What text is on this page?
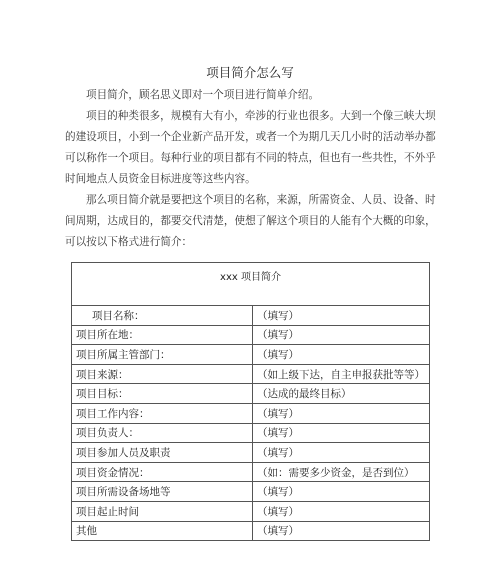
项目简介怎么写

项目简介，顾名思义即对一个项目进行简单介绍。

项目的种类很多，规模有大有小，牵涉的行业也很多。大到一个像三峡大坝
的建设项目，小到一个企业新产品开发，或者一个为期几天几小时的活动举办都
可以称作一个项目。每种行业的项目都有不同的特点，但也有一些共性，不外乎
时间地点人员资金目标进度等这些内容。

那么项目简介就是要把这个项目的名称，来源，所需资金、人员、设备、时
间周期，达成目的，都要交代清楚，使想了解这个项目的人能有个大概的印象，
可以按以下格式进行简介：

xxx 项目简介	
项目名称：	（填写）
项目所在地：	（填写）
项目所属主管部门：	（填写）
项目来源：	（如上级下达，自主申报获批等等）
项目目标：	（达成的最终目标）
项目工作内容：	（填写）
项目负责人：	（填写）
项目参加人员及职责	（填写）
项目资金情况：	（如：需要多少资金，是否到位）
项目所需设备场地等	（填写）
项目起止时间	（填写）
其他	（填写）
